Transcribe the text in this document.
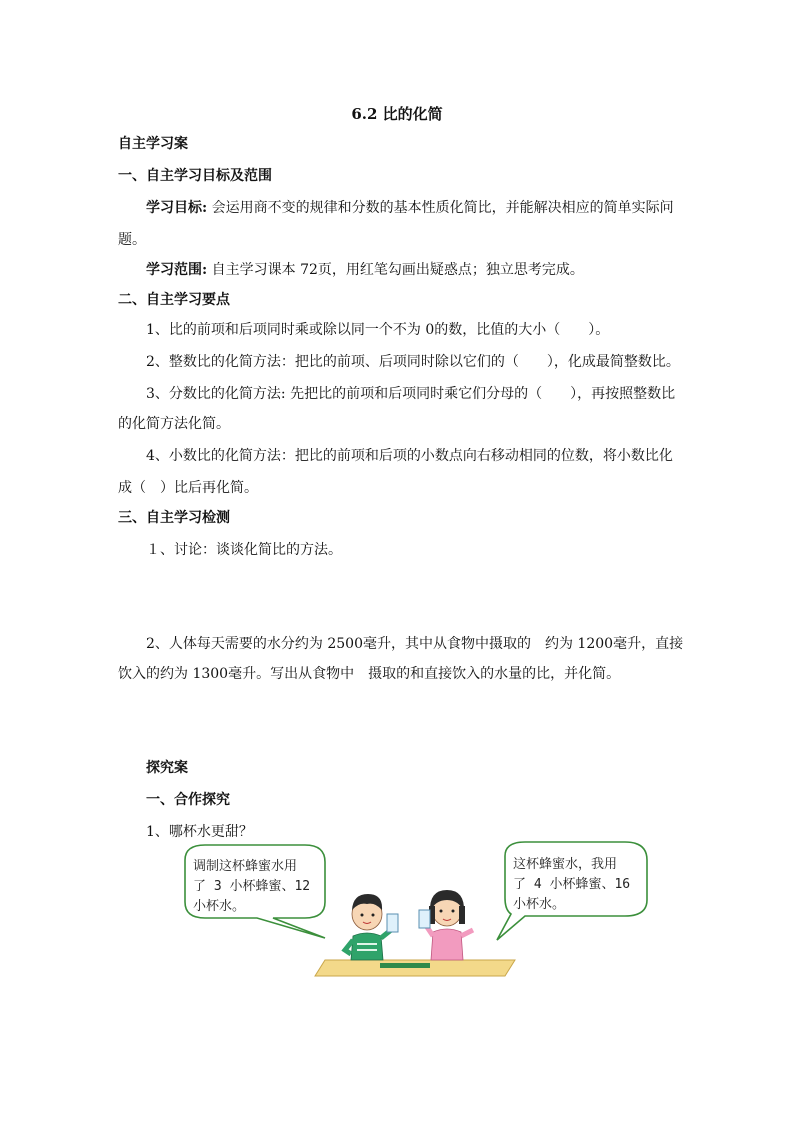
6.2 比的化简
自主学习案
一、自主学习目标及范围
学习目标: 会运用商不变的规律和分数的基本性质化简比，并能解决相应的简单实际问
题。
学习范围: 自主学习课本 72页，用红笔勾画出疑惑点；独立思考完成。
二、自主学习要点
1、比的前项和后项同时乘或除以同一个不为 0的数，比值的大小（　　）。
2、整数比的化简方法：把比的前项、后项同时除以它们的（　　），化成最简整数比。
3、分数比的化简方法: 先把比的前项和后项同时乘它们分母的（　　），再按照整数比
的化简方法化简。
4、小数比的化简方法：把比的前项和后项的小数点向右移动相同的位数，将小数比化
成（　）比后再化简。
三、自主学习检测
１、讨论：谈谈化简比的方法。
2、人体每天需要的水分约为 2500毫升，其中从食物中摄取的　约为 1200毫升，直接
饮入的约为 1300毫升。写出从食物中　摄取的和直接饮入的水量的比，并化简。
探究案
一、合作探究
1、哪杯水更甜？
调制这杯蜂蜜水用
了 3 小杯蜂蜜、12
小杯水。
这杯蜂蜜水，我用
了 4 小杯蜂蜜、16
小杯水。
